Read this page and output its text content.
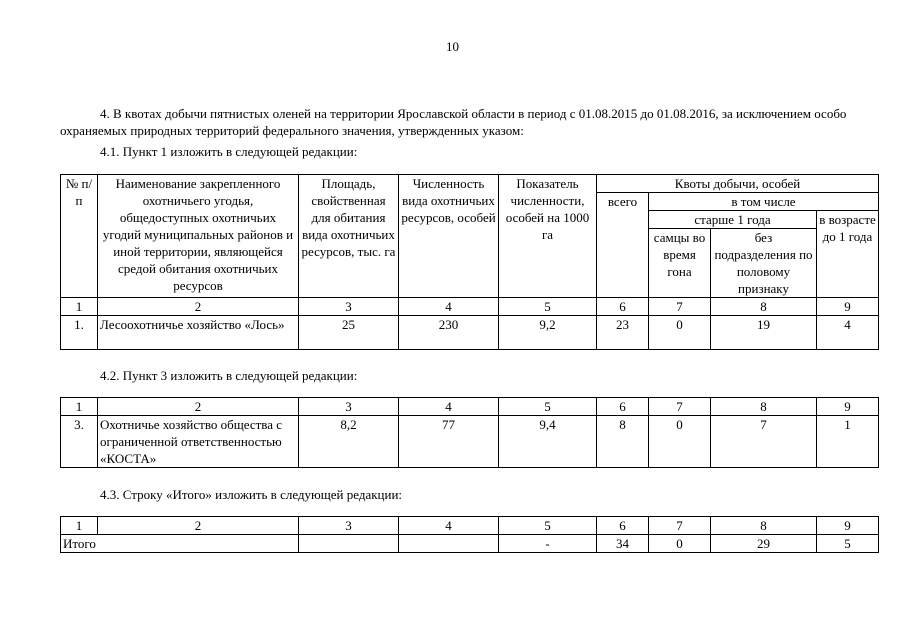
10
4. В квотах добычи пятнистых оленей на территории Ярославской области в период с 01.08.2015 до 01.08.2016, за исключением особо охраняемых природных территорий федерального значения, утвержденных указом:
4.1. Пункт 1 изложить в следующей редакции:
№ п/п	Наименование закрепленного охотничьего угодья, общедоступных охотничьих угодий муниципальных районов и иной территории, являющейся средой обитания охотничьих ресурсов	Площадь, свойственная для обитания вида охотничьих ресурсов, тыс. га	Численность вида охотничьих ресурсов, особей	Показатель численности, особей на 1000 га	Квоты добычи, особей			
					всего	в том числе		
						старше 1 года		в возрасте до 1 года
						самцы во время гона	без подразделения по половому признаку	
1	2	3	4	5	6	7	8	9
1.	Лесоохотничье хозяйство «Лось»	25	230	9,2	23	0	19	4
4.2. Пункт 3 изложить в следующей редакции:
1	2	3	4	5	6	7	8	9
3.	Охотничье хозяйство общества с ограниченной ответственностью «КОСТА»	8,2	77	9,4	8	0	7	1
4.3. Строку «Итого» изложить в следующей редакции:
1	2	3	4	5	6	7	8	9
Итого				-	34	0	29	5
